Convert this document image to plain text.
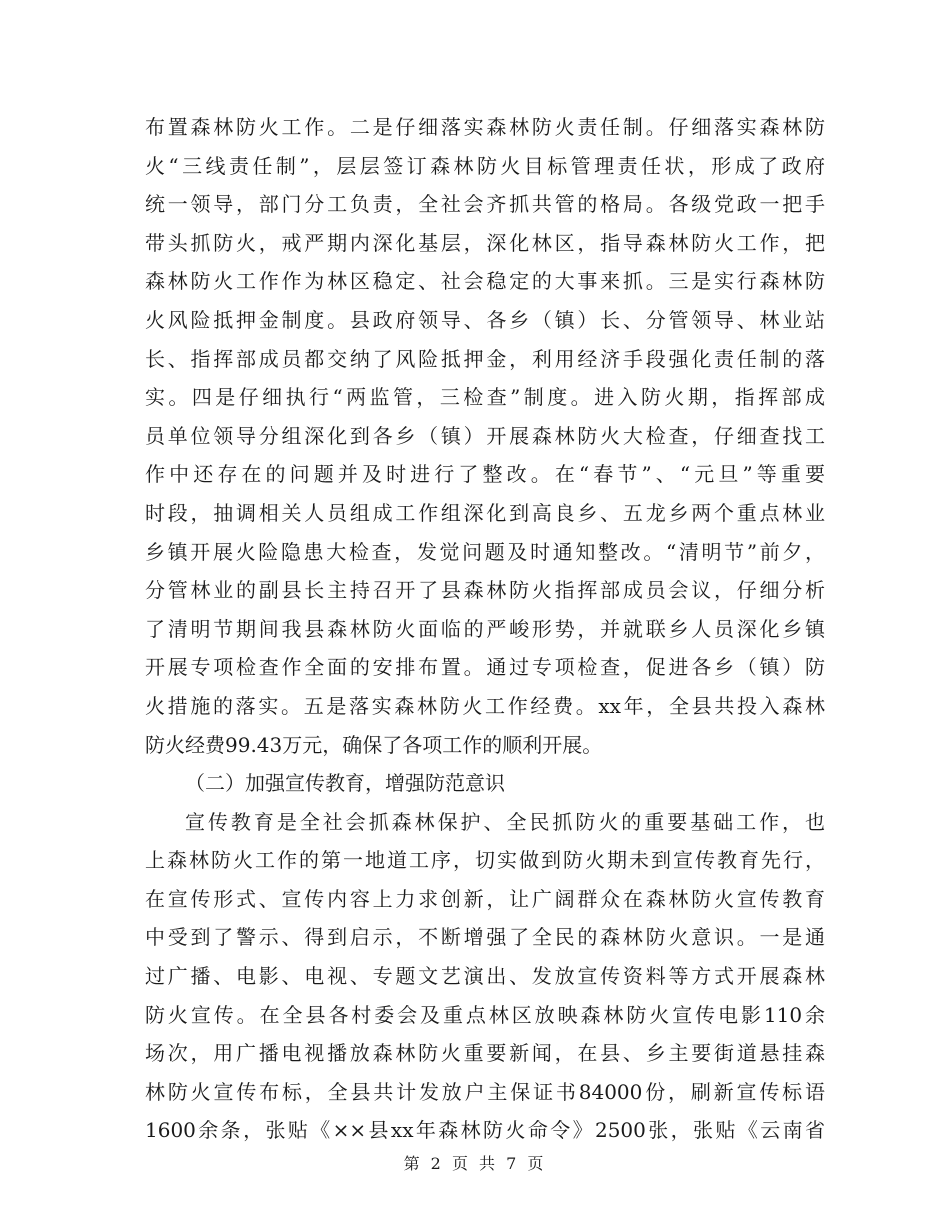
布置森林防火工作。二是仔细落实森林防火责任制。仔细落实森林防
火“三线责任制”，层层签订森林防火目标管理责任状，形成了政府
统一领导，部门分工负责，全社会齐抓共管的格局。各级党政一把手
带头抓防火，戒严期内深化基层，深化林区，指导森林防火工作，把
森林防火工作作为林区稳定、社会稳定的大事来抓。三是实行森林防
火风险抵押金制度。县政府领导、各乡（镇）长、分管领导、林业站
长、指挥部成员都交纳了风险抵押金，利用经济手段强化责任制的落
实。四是仔细执行“两监管，三检查”制度。进入防火期，指挥部成
员单位领导分组深化到各乡（镇）开展森林防火大检查，仔细查找工
作中还存在的问题并及时进行了整改。在“春节”、“元旦”等重要
时段，抽调相关人员组成工作组深化到高良乡、五龙乡两个重点林业
乡镇开展火险隐患大检查，发觉问题及时通知整改。“清明节”前夕，
分管林业的副县长主持召开了县森林防火指挥部成员会议，仔细分析
了清明节期间我县森林防火面临的严峻形势，并就联乡人员深化乡镇
开展专项检查作全面的安排布置。通过专项检查，促进各乡（镇）防
火措施的落实。五是落实森林防火工作经费。xx年，全县共投入森林
防火经费99.43万元，确保了各项工作的顺利开展。
（二）加强宣传教育，增强防范意识
宣传教育是全社会抓森林保护、全民抓防火的重要基础工作，也
上森林防火工作的第一地道工序，切实做到防火期未到宣传教育先行，
在宣传形式、宣传内容上力求创新，让广阔群众在森林防火宣传教育
中受到了警示、得到启示，不断增强了全民的森林防火意识。一是通
过广播、电影、电视、专题文艺演出、发放宣传资料等方式开展森林
防火宣传。在全县各村委会及重点林区放映森林防火宣传电影110余
场次，用广播电视播放森林防火重要新闻，在县、乡主要街道悬挂森
林防火宣传布标，全县共计发放户主保证书84000份，刷新宣传标语
1600余条，张贴《××县xx年森林防火命令》2500张，张贴《云南省
第 2 页 共 7 页
